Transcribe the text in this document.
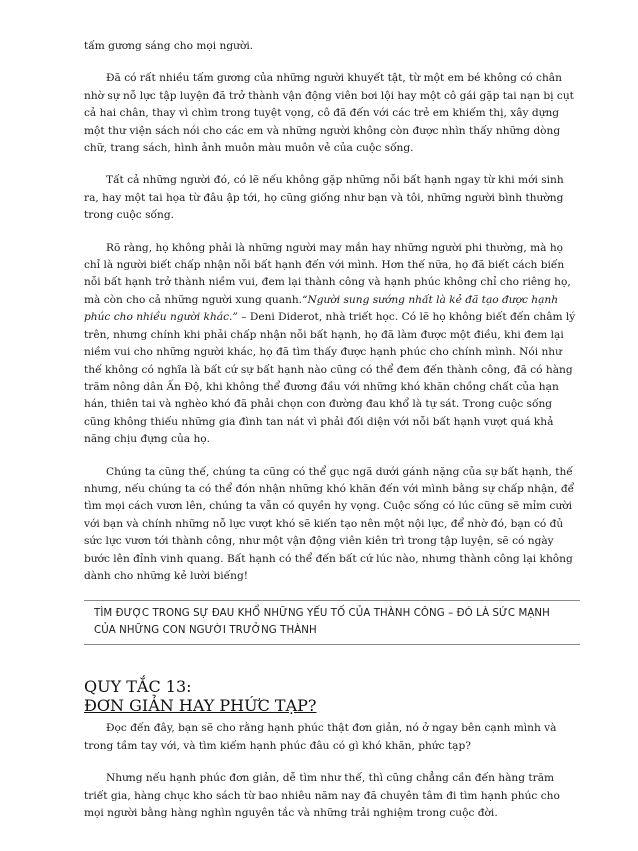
tấm gương sáng cho mọi người.

Đã có rất nhiều tấm gương của những người khuyết tật, từ một em bé không có chân nhờ sự nỗ lực tập luyện đã trở thành vận động viên bơi lội hay một cô gái gặp tai nạn bị cụt cả hai chân, thay vì chìm trong tuyệt vọng, cô đã đến với các trẻ em khiếm thị, xây dựng một thư viện sách nói cho các em và những người không còn được nhìn thấy những dòng chữ, trang sách, hình ảnh muôn màu muôn vẻ của cuộc sống.

Tất cả những người đó, có lẽ nếu không gặp những nỗi bất hạnh ngay từ khi mới sinh ra, hay một tai họa từ đâu ập tới, họ cũng giống như bạn và tôi, những người bình thường trong cuộc sống.

Rõ ràng, họ không phải là những người may mắn hay những người phi thường, mà họ chỉ là người biết chấp nhận nỗi bất hạnh đến với mình. Hơn thế nữa, họ đã biết cách biến nỗi bất hạnh trở thành niềm vui, đem lại thành công và hạnh phúc không chỉ cho riêng họ, mà còn cho cả những người xung quanh.“Người sung sướng nhất là kẻ đã tạo được hạnh phúc cho nhiều người khác.” – Deni Diderot, nhà triết học. Có lẽ họ không biết đến châm lý trên, nhưng chính khi phải chấp nhận nỗi bất hạnh, họ đã làm được một điều, khi đem lại niềm vui cho những người khác, họ đã tìm thấy được hạnh phúc cho chính mình. Nói như thế không có nghĩa là bất cứ sự bất hạnh nào cũng có thể đem đến thành công, đã có hàng trăm nông dân Ấn Độ, khi không thể đương đầu với những khó khăn chồng chất của hạn hán, thiên tai và nghèo khó đã phải chọn con đường đau khổ là tự sát. Trong cuộc sống cũng không thiếu những gia đình tan nát vì phải đối diện với nỗi bất hạnh vượt quá khả năng chịu đựng của họ.

Chúng ta cũng thế, chúng ta cũng có thể gục ngã dưới gánh nặng của sự bất hạnh, thế nhưng, nếu chúng ta có thể đón nhận những khó khăn đến với mình bằng sự chấp nhận, để tìm mọi cách vươn lên, chúng ta vẫn có quyền hy vọng. Cuộc sống có lúc cũng sẽ mỉm cười với bạn và chính những nỗ lực vượt khó sẽ kiến tạo nên một nội lực, để nhờ đó, bạn có đủ sức lực vươn tới thành công, như một vận động viên kiên trì trong tập luyện, sẽ có ngày bước lên đỉnh vinh quang. Bất hạnh có thể đến bất cứ lúc nào, nhưng thành công lại không dành cho những kẻ lười biếng!

TÌM ĐƯỢC TRONG SỰ ĐAU KHỔ NHỮNG YẾU TỐ CỦA THÀNH CÔNG – ĐÓ LÀ SỨC MẠNH CỦA NHỮNG CON NGƯỜI TRƯỞNG THÀNH
QUY TẮC 13:
ĐƠN GIẢN HAY PHỨC TẠP?

Đọc đến đây, bạn sẽ cho rằng hạnh phúc thật đơn giản, nó ở ngay bên cạnh mình và trong tầm tay với, và tìm kiếm hạnh phúc đâu có gì khó khăn, phức tạp?

Nhưng nếu hạnh phúc đơn giản, dễ tìm như thế, thì cũng chẳng cần đến hàng trăm triết gia, hàng chục kho sách từ bao nhiêu năm nay đã chuyên tâm đi tìm hạnh phúc cho mọi người bằng hàng nghìn nguyên tắc và những trải nghiệm trong cuộc đời.
